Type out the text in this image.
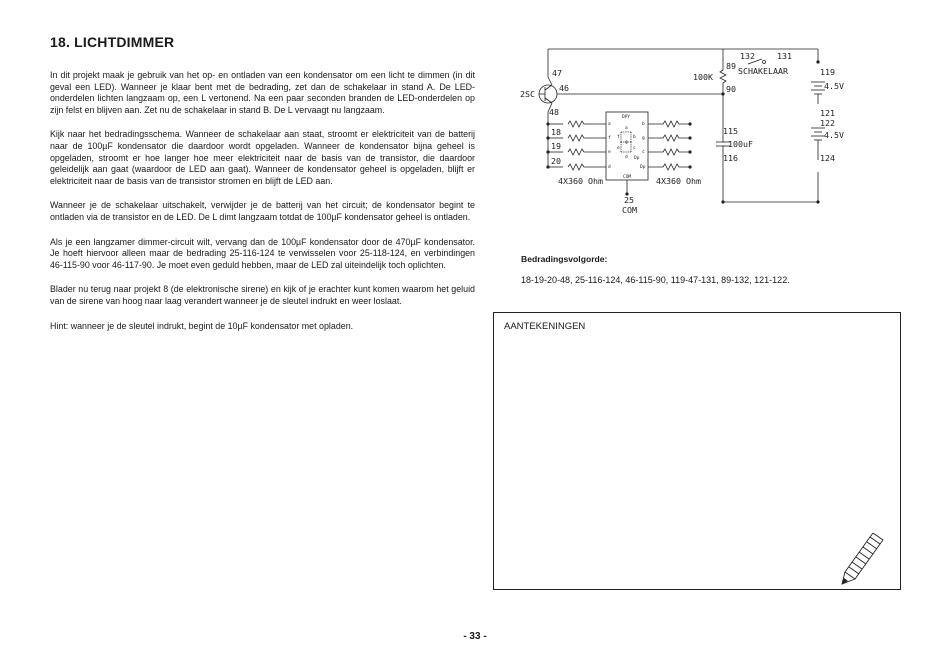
18. LICHTDIMMER

In dit projekt maak je gebruik van het op- en ontladen van een kondensator om een licht te dimmen (in dit geval een LED). Wanneer je klaar bent met de bedrading, zet dan de schakelaar in stand A. De LED-onderdelen lichten langzaam op, een L vertonend. Na een paar seconden branden de LED-onderdelen op zijn felst en blijven aan. Zet nu de schakelaar in stand B. De L vervaagt nu langzaam.

Kijk naar het bedradingsschema. Wanneer de schakelaar aan staat, stroomt er elektriciteit van de batterij naar de 100µF kondensator die daardoor wordt opgeladen. Wanneer de kondensator bijna geheel is opgeladen, stroomt er hoe langer hoe meer elektriciteit naar de basis van de transistor, die daardoor geleidelijk aan gaat (waardoor de LED aan gaat). Wanneer de kondensator geheel is opgeladen, blijft er elektriciteit naar de basis van de transistor stromen en blijft de LED aan.

Wanneer je de schakelaar uitschakelt, verwijder je de batterij van het circuit; de kondensator begint te ontladen via de transistor en de LED. De L dimt langzaam totdat de 100µF kondensator geheel is ontladen.

Als je een langzamer dimmer-circuit wilt, vervang dan de 100µF kondensator door de 470µF kondensator. Je hoeft hiervoor alleen maar de bedrading 25-116-124 te verwisselen voor 25-118-124, en verbindingen 46-115-90 voor 46-117-90. Je moet even geduld hebben, maar de LED zal uiteindelijk toch oplichten.

Blader nu terug naar projekt 8 (de elektronische sirene) en kijk of je erachter kunt komen waarom het geluid van de sirene van hoog naar laag verandert wanneer je de sleutel indrukt en weer loslaat.

Hint: wanneer je de sleutel indrukt, begint de 10µF kondensator met opladen.

2SC
47
46
48
18
19
20
4X360 Ohm	4X360 Ohm
25
COM
100K
89
90
132	131
SCHAKELAAR
115
100uF
116
119
4.5V
121
122
4.5V
124
DPY
a
b
c
d
e
f
g
Dp
a
f
e
d
b
g
c
Dp
COM

Bedradingsvolgorde:

18-19-20-48, 25-116-124, 46-115-90, 119-47-131, 89-132, 121-122.

AANTEKENINGEN
- 33 -
